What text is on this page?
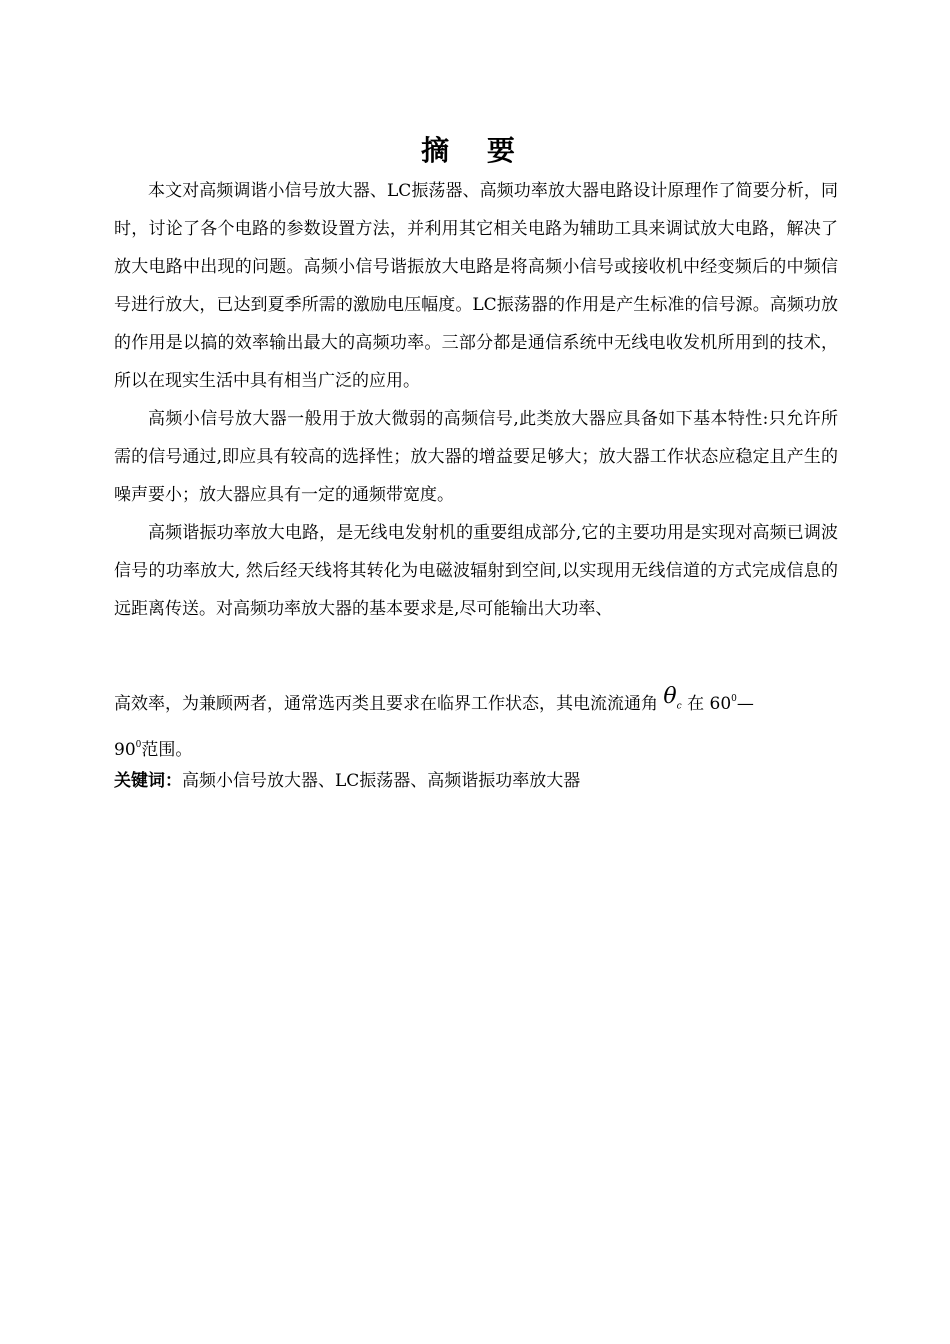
摘 要

本文对高频调谐小信号放大器、LC振荡器、高频功率放大器电路设计原理作了简要分析，同时，讨论了各个电路的参数设置方法，并利用其它相关电路为辅助工具来调试放大电路，解决了放大电路中出现的问题。高频小信号谐振放大电路是将高频小信号或接收机中经变频后的中频信号进行放大，已达到夏季所需的激励电压幅度。LC振荡器的作用是产生标准的信号源。高频功放的作用是以搞的效率输出最大的高频功率。三部分都是通信系统中无线电收发机所用到的技术，所以在现实生活中具有相当广泛的应用。

高频小信号放大器一般用于放大微弱的高频信号,此类放大器应具备如下基本特性:只允许所需的信号通过,即应具有较高的选择性；放大器的增益要足够大；放大器工作状态应稳定且产生的噪声要小；放大器应具有一定的通频带宽度。

高频谐振功率放大电路，是无线电发射机的重要组成部分,它的主要功用是实现对高频已调波信号的功率放大, 然后经天线将其转化为电磁波辐射到空间,以实现用无线信道的方式完成信息的远距离传送。对高频功率放大器的基本要求是,尽可能输出大功率、

高效率，为兼顾两者，通常选丙类且要求在临界工作状态，其电流流通角 $\theta_c$ 在 $60^0—$
$90^0$范围。
关键词：高频小信号放大器、LC振荡器、高频谐振功率放大器
